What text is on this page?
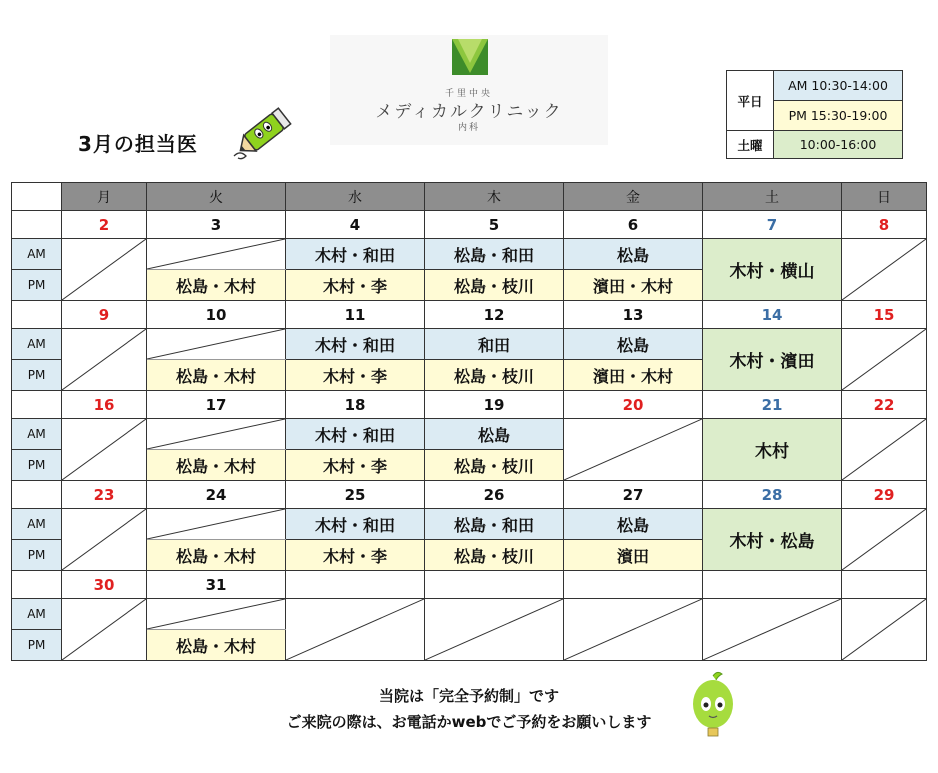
3月の担当医
千里中央
メディカルクリニック
内科
平日	AM 10:30-14:00
	PM 15:30-19:00
土曜	10:00-16:00
	月	火	水	木	金	土	日
	2	3	4	5	6	7	8
AM			木村・和田	松島・和田	松島	木村・横山	

PM		松島・木村	木村・李	松島・枝川	濱田・木村		
	9	10	11	12	13	14	15
AM			木村・和田	和田	松島	木村・濱田	

PM		松島・木村	木村・李	松島・枝川	濱田・木村		
	16	17	18	19	20	21	22
AM			木村・和田	松島		木村	

PM		松島・木村	木村・李	松島・枝川			
	23	24	25	26	27	28	29
AM			木村・和田	松島・和田	松島	木村・松島	

PM		松島・木村	木村・李	松島・枝川	濱田		
	30	31					
AM	

PM		松島・木村					
当院は「完全予約制」です
ご来院の際は、お電話かwebでご予約をお願いします
